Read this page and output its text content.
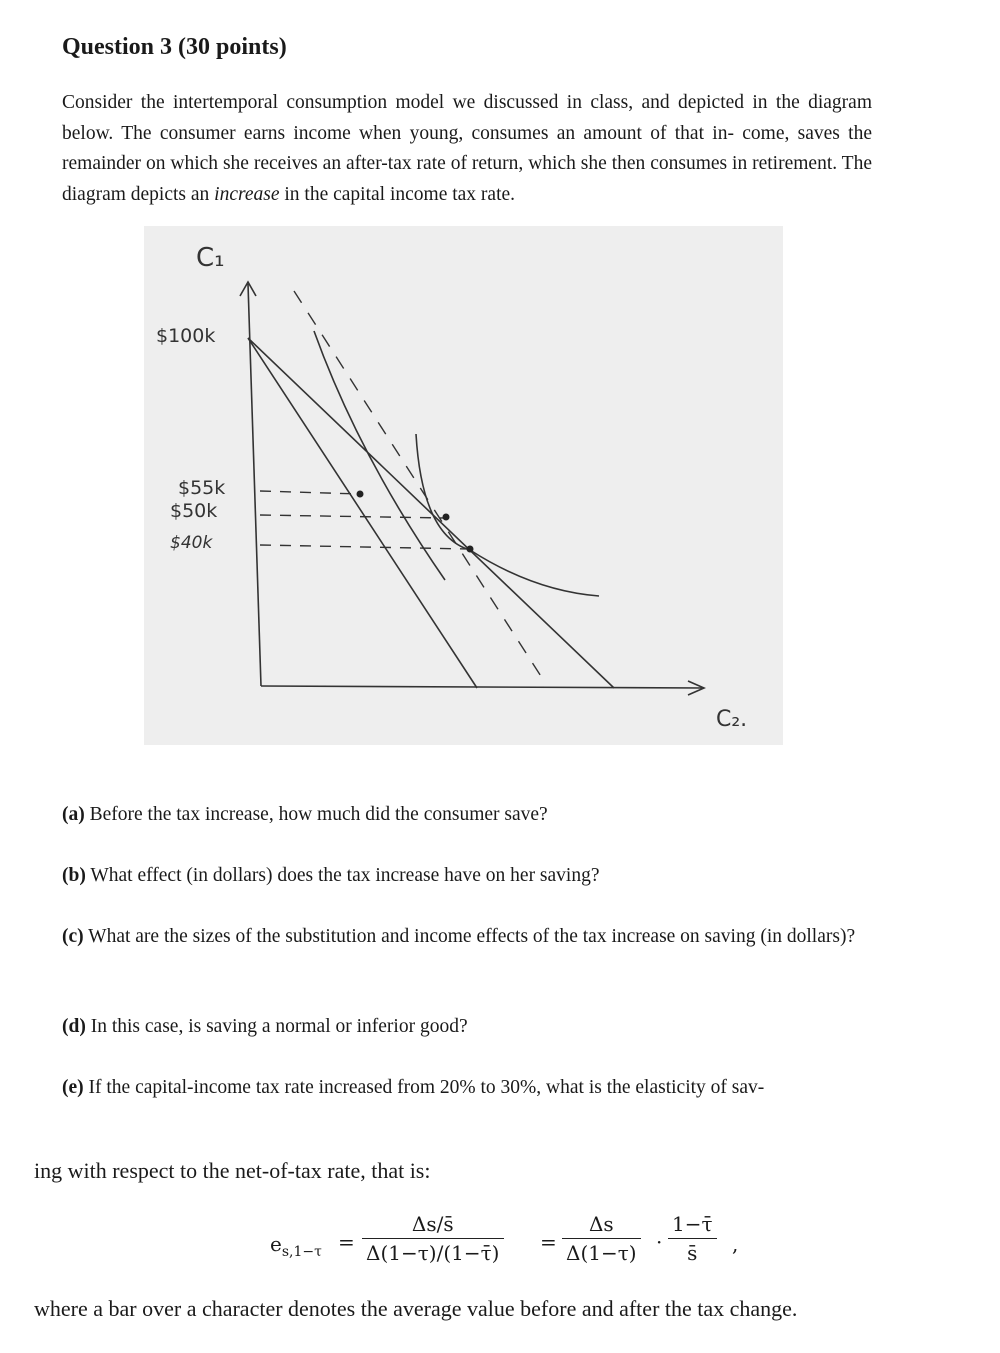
Question 3 (30 points)

Consider the intertemporal consumption model we discussed in class, and depicted in the diagram below. The consumer earns income when young, consumes an amount of that in- come, saves the remainder on which she receives an after-tax rate of return, which she then consumes in retirement. The diagram depicts an increase in the capital income tax rate.

C₁
C₂.
$100k
$55k
$50k
$40k

(a) Before the tax increase, how much did the consumer save?

(b) What effect (in dollars) does the tax increase have on her saving?

(c) What are the sizes of the substitution and income effects of the tax increase on saving (in dollars)?

(d) In this case, is saving a normal or inferior good?

(e) If the capital-income tax rate increased from 20% to 30%, what is the elasticity of sav-

ing with respect to the net-of-tax rate, that is:

$e_{s,1-\tau} = \frac{\Delta s/s̄}{\Delta(1-\tau)/(1-\taū)} = \frac{\Delta s}{\Delta(1-\tau)} \cdot \frac{1-\taū}{s̄}$ ,

where a bar over a character denotes the average value before and after the tax change.
